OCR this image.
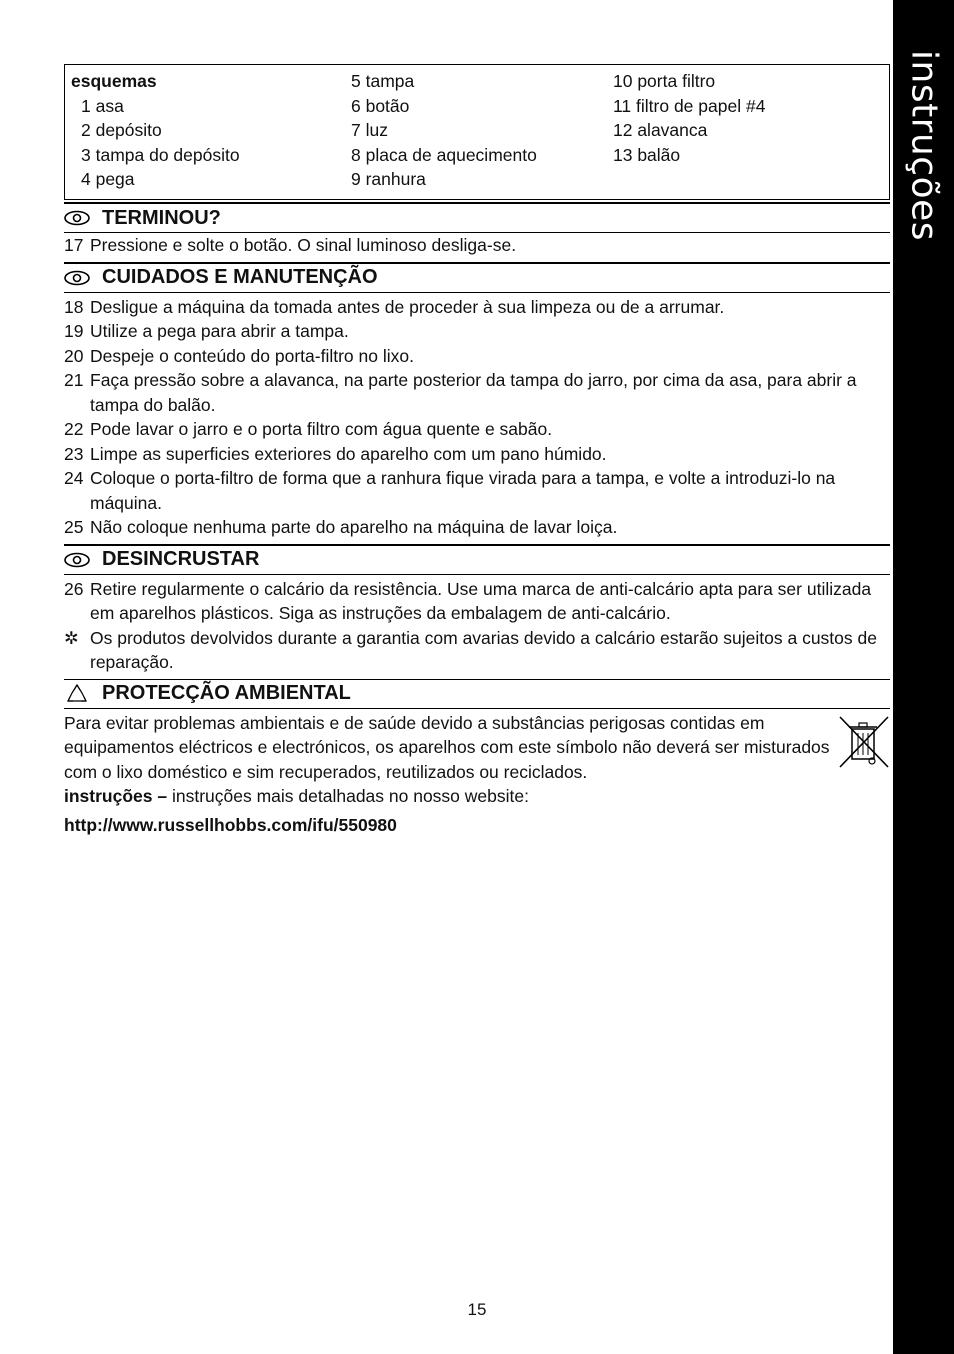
instruções
esquemas
1 asa
2 depósito
3 tampa do depósito
4 pega
5 tampa
6 botão
7 luz
8 placa de aquecimento
9 ranhura
10 porta filtro
11 filtro de papel #4
12 alavanca
13 balão
TERMINOU?
17 Pressione e solte o botão. O sinal luminoso desliga-se.
CUIDADOS E MANUTENÇÃO
18 Desligue a máquina da tomada antes de proceder à sua limpeza ou de a arrumar.
19 Utilize a pega para abrir a tampa.
20 Despeje o conteúdo do porta-filtro no lixo.
21 Faça pressão sobre a alavanca, na parte posterior da tampa do jarro, por cima da asa, para abrir a tampa do balão.
22 Pode lavar o jarro e o porta filtro com água quente e sabão.
23 Limpe as superficies exteriores do aparelho com um pano húmido.
24 Coloque o porta-filtro de forma que a ranhura fique virada para a tampa, e volte a introduzi-lo na máquina.
25 Não coloque nenhuma parte do aparelho na máquina de lavar loiça.
DESINCRUSTAR
26 Retire regularmente o calcário da resistência. Use uma marca de anti-calcário apta para ser utilizada em aparelhos plásticos. Siga as instruções da embalagem de anti-calcário.
✲ Os produtos devolvidos durante a garantia com avarias devido a calcário estarão sujeitos a custos de reparação.
PROTECÇÃO AMBIENTAL
Para evitar problemas ambientais e de saúde devido a substâncias perigosas contidas em equipamentos eléctricos e electrónicos, os aparelhos com este símbolo não deverá ser misturados com o lixo doméstico e sim recuperados, reutilizados ou reciclados.
instruções – instruções mais detalhadas no nosso website:
http://www.russellhobbs.com/ifu/550980
15
